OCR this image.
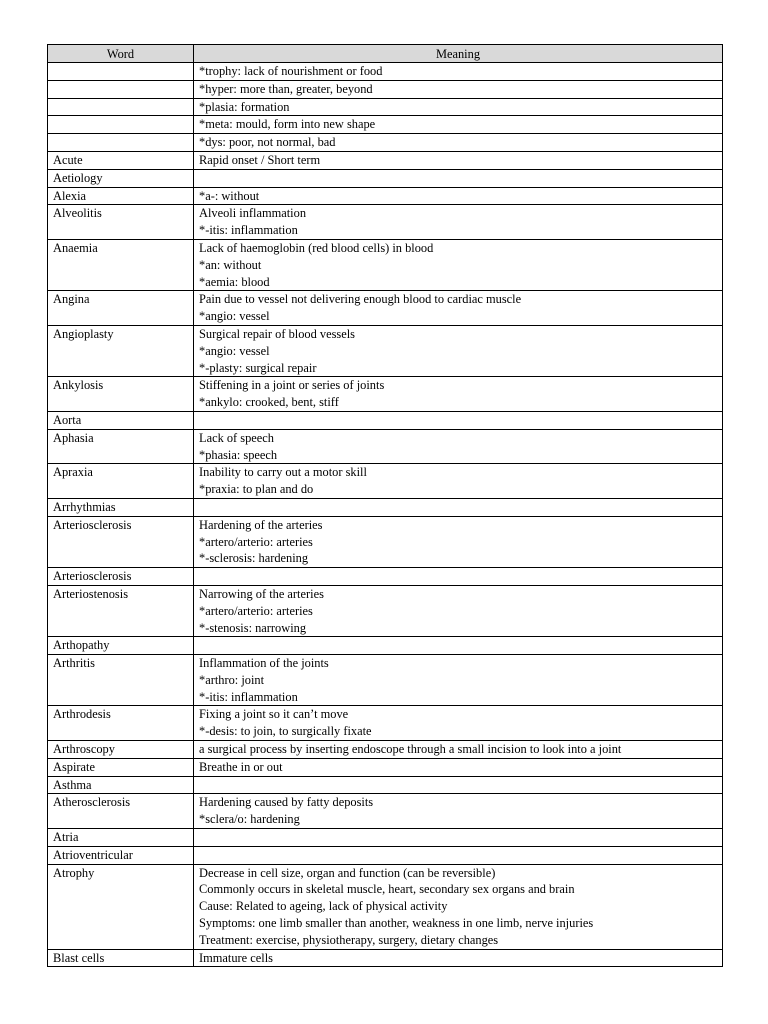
Word	Meaning

	*trophy: lack of nourishment or food

	*hyper: more than, greater, beyond

	*plasia: formation

	*meta: mould, form into new shape

	*dys: poor, not normal, bad

Acute	Rapid onset / Short term

Aetiology	

Alexia	*a-: without

Alveolitis	Alveoli inflammation
*-itis: inflammation

Anaemia	Lack of haemoglobin (red blood cells) in blood
*an: without
*aemia: blood

Angina	Pain due to vessel not delivering enough blood to cardiac muscle
*angio: vessel

Angioplasty	Surgical repair of blood vessels
*angio: vessel
*-plasty: surgical repair

Ankylosis	Stiffening in a joint or series of joints
*ankylo: crooked, bent, stiff

Aorta	

Aphasia	Lack of speech
*phasia: speech

Apraxia	Inability to carry out a motor skill
*praxia: to plan and do

Arrhythmias	

Arteriosclerosis	Hardening of the arteries
*artero/arterio: arteries
*-sclerosis: hardening

Arteriosclerosis	

Arteriostenosis	Narrowing of the arteries
*artero/arterio: arteries
*-stenosis: narrowing

Arthopathy	

Arthritis	Inflammation of the joints
*arthro: joint
*-itis: inflammation

Arthrodesis	Fixing a joint so it can’t move
*-desis: to join, to surgically fixate

Arthroscopy	a surgical process by inserting endoscope through a small incision to look into a joint

Aspirate	Breathe in or out

Asthma	

Atherosclerosis	Hardening caused by fatty deposits
*sclera/o: hardening

Atria	

Atrioventricular	

Atrophy	Decrease in cell size, organ and function (can be reversible)
Commonly occurs in skeletal muscle, heart, secondary sex organs and brain
Cause: Related to ageing, lack of physical activity
Symptoms: one limb smaller than another, weakness in one limb, nerve injuries
Treatment: exercise, physiotherapy, surgery, dietary changes

Blast cells	Immature cells
